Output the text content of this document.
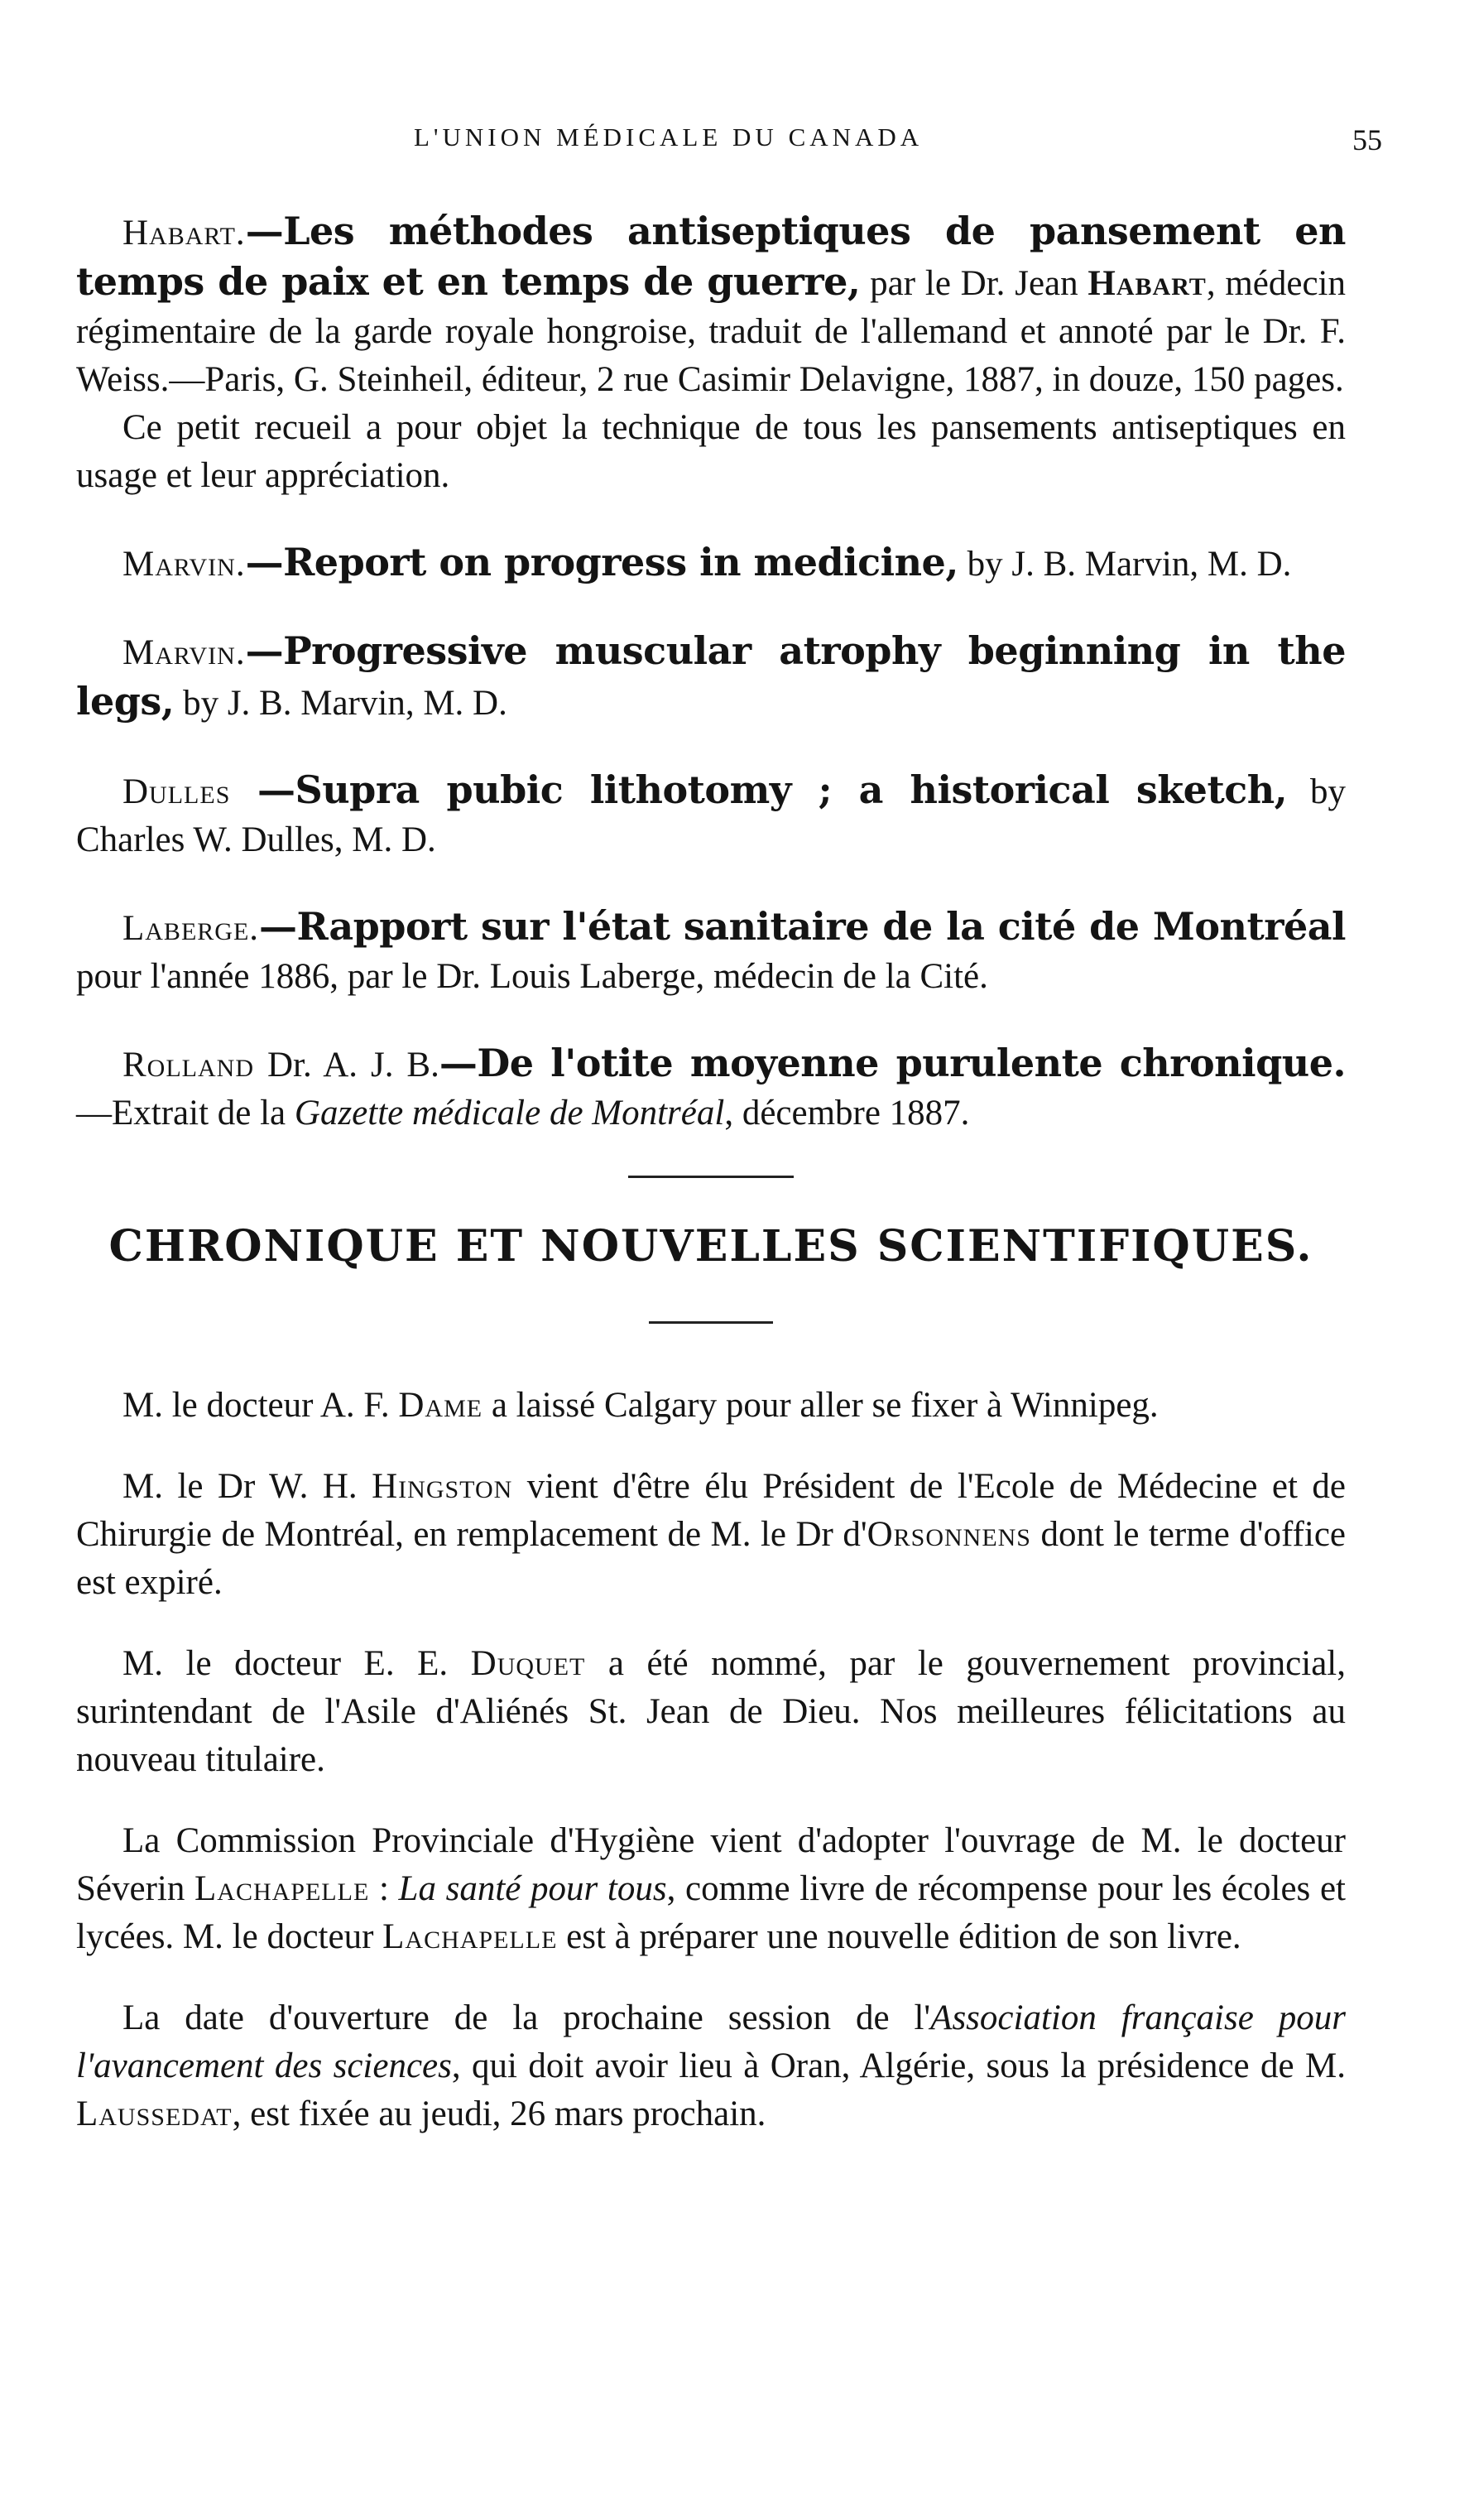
L'UNION MÉDICALE DU CANADA	55

Habart.—Les méthodes antiseptiques de pansement en temps de paix et en temps de guerre, par le Dr. Jean Habart, médecin régimentaire de la garde royale hongroise, traduit de l'allemand et annoté par le Dr. F. Weiss.—Paris, G. Steinheil, éditeur, 2 rue Casimir Delavigne, 1887, in douze, 150 pages.

Ce petit recueil a pour objet la technique de tous les pansements antiseptiques en usage et leur appréciation.

Marvin.—Report on progress in medicine, by J. B. Marvin, M. D.

Marvin.—Progressive muscular atrophy beginning in the legs, by J. B. Marvin, M. D.

Dulles —Supra pubic lithotomy ; a historical sketch, by Charles W. Dulles, M. D.

Laberge.—Rapport sur l'état sanitaire de la cité de Montréal pour l'année 1886, par le Dr. Louis Laberge, médecin de la Cité.

Rolland Dr. A. J. B.—De l'otite moyenne purulente chronique.—Extrait de la Gazette médicale de Montréal, décembre 1887.

CHRONIQUE ET NOUVELLES SCIENTIFIQUES.

M. le docteur A. F. Dame a laissé Calgary pour aller se fixer à Winnipeg.

M. le Dr W. H. Hingston vient d'être élu Président de l'Ecole de Médecine et de Chirurgie de Montréal, en remplacement de M. le Dr d'Orsonnens dont le terme d'office est expiré.

M. le docteur E. E. Duquet a été nommé, par le gouvernement provincial, surintendant de l'Asile d'Aliénés St. Jean de Dieu. Nos meilleures félicitations au nouveau titulaire.

La Commission Provinciale d'Hygiène vient d'adopter l'ouvrage de M. le docteur Séverin Lachapelle : La santé pour tous, comme livre de récompense pour les écoles et lycées. M. le docteur Lachapelle est à préparer une nouvelle édition de son livre.

La date d'ouverture de la prochaine session de l'Association française pour l'avancement des sciences, qui doit avoir lieu à Oran, Algérie, sous la présidence de M. Laussedat, est fixée au jeudi, 26 mars prochain.
